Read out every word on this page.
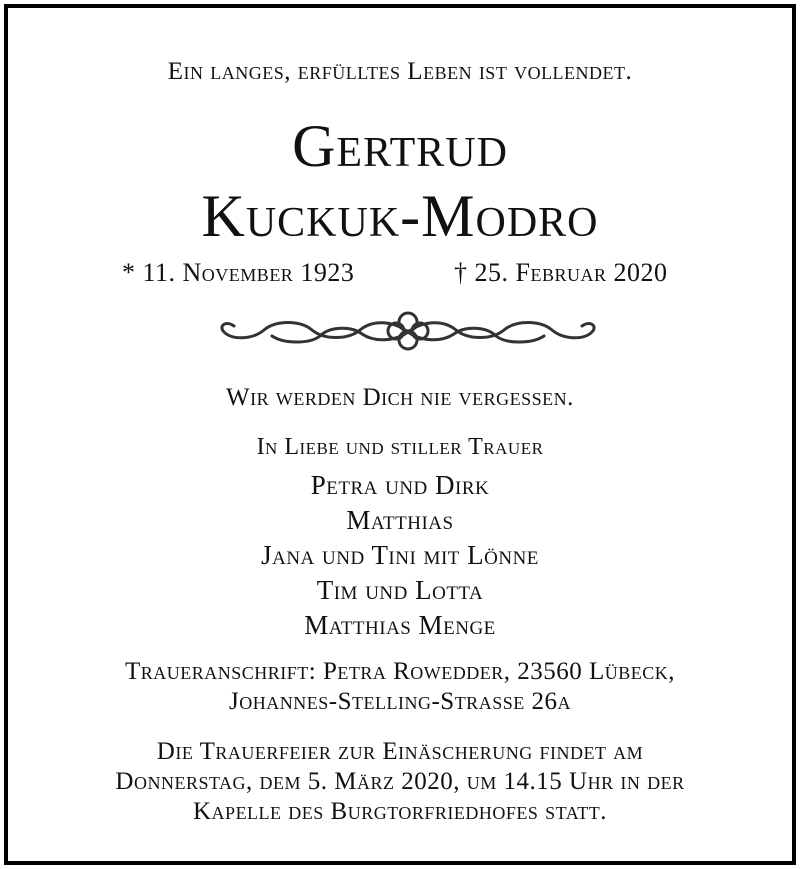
Ein langes, erfülltes Leben ist vollendet.
Gertrud
Kuckuk-Modro
* 11. November 1923	† 25. Februar 2020
Wir werden Dich nie vergessen.
In Liebe und stiller Trauer
Petra und Dirk
Matthias
Jana und Tini mit Lönne
Tim und Lotta
Matthias Menge
Traueranschrift: Petra Rowedder, 23560 Lübeck,
Johannes-Stelling-Strasse 26a
Die Trauerfeier zur Einäscherung findet am
Donnerstag, dem 5. März 2020, um 14.15 Uhr in der
Kapelle des Burgtorfriedhofes statt.
